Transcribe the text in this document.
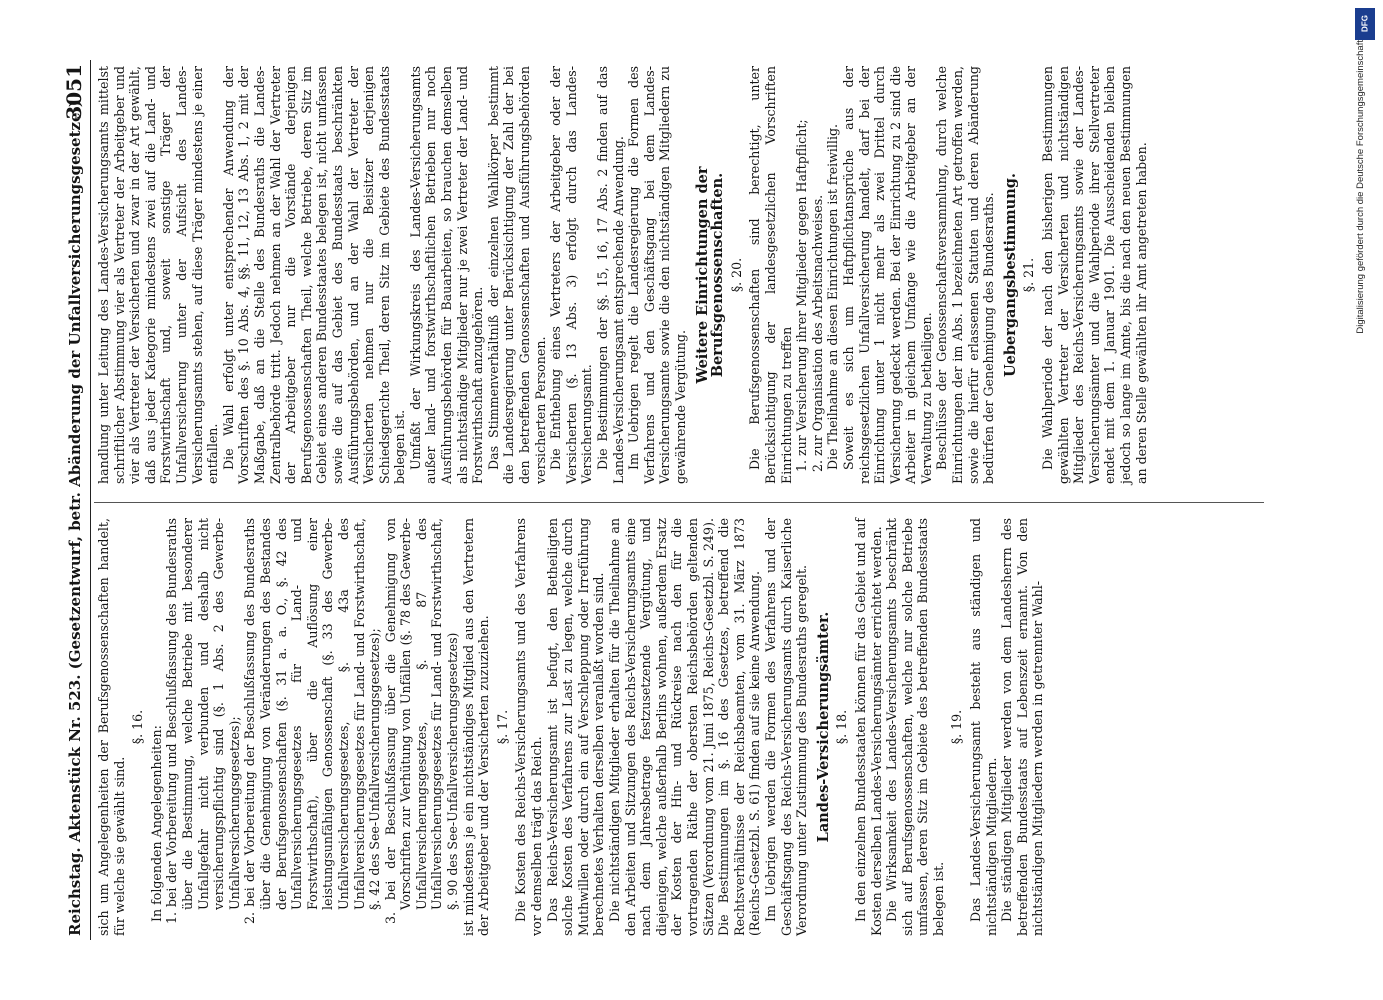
Reichstag. Aktenstück Nr. 523. (Gesetzentwurf, betr. Abänderung der Unfallversicherungsgesetze.)
3051

sich um Angelegenheiten der Berufsgenossenschaften handelt, für welche sie gewählt sind.

§. 16. In folgenden Angelegenheiten: 1. bei der Vorbereitung und Beschlußfassung des Bundesraths über die Bestimmung, welche Betriebe mit besonderer Unfallgefahr nicht verbunden und deshalb nicht versicherungspflichtig sind (§. 1 Abs. 2 des Gewerbe-Unfallversicherungsgesetzes); 2. bei der Vorbereitung der Beschlußfassung des Bundesraths über die Genehmigung von Veränderungen des Bestandes der Berufsgenossenschaften (§. 31 a. a. O., §. 42 des Unfallversicherungsgesetzes für Land- und Forstwirthschaft), über die Auflösung einer leistungsunfähigen Genossenschaft (§. 33 des Gewerbe-Unfallversicherungsgesetzes, §. 43a des Unfallversicherungsgesetzes für Land- und Forstwirthschaft, §. 42 des See-Unfallversicherungsgesetzes); 3. bei der Beschlußfassung über die Genehmigung von Vorschriften zur Verhütung von Unfällen (§. 78 des Gewerbe-Unfallversicherungsgesetzes, §. 87 des Unfallversicherungsgesetzes für Land- und Forstwirthschaft, §. 90 des See-Unfallversicherungsgesetzes) ist mindestens je ein nichtständiges Mitglied aus den Vertretern der Arbeitgeber und der Versicherten zuzuziehen. §. 17. Die Kosten des Reichs-Versicherungsamts und des Verfahrens vor demselben trägt das Reich. Das Reichs-Versicherungsamt ist befugt, den Betheiligten solche Kosten des Verfahrens zur Last zu legen, welche durch Muthwillen oder durch ein auf Verschleppung oder Irreführung berechnetes Verhalten derselben veranlaßt worden sind. Die nichtständigen Mitglieder erhalten für die Theilnahme an den Arbeiten und Sitzungen des Reichs-Versicherungsamts eine nach dem Jahresbetrage festzusetzende Vergütung, und diejenigen, welche außerhalb Berlins wohnen, außerdem Ersatz der Kosten der Hin- und Rückreise nach den für die vortragenden Räthe der obersten Reichsbehörden geltenden Sätzen (Verordnung vom 21. Juni 1875, Reichs-Gesetzbl. S. 249). Die Bestimmungen im §. 16 des Gesetzes, betreffend die Rechtsverhältnisse der Reichsbeamten, vom 31. März 1873 (Reichs-Gesetzbl. S. 61) finden auf sie keine Anwendung. Im Uebrigen werden die Formen des Verfahrens und der Geschäftsgang des Reichs-Versicherungsamts durch Kaiserliche Verordnung unter Zustimmung des Bundesraths geregelt. Landes-Versicherungsämter. §. 18. In den einzelnen Bundesstaaten können für das Gebiet und auf Kosten derselben Landes-Versicherungsämter errichtet werden. Die Wirksamkeit des Landes-Versicherungsamts beschränkt sich auf Berufsgenossenschaften, welche nur solche Betriebe umfassen, deren Sitz im Gebiete des betreffenden Bundesstaats belegen ist.

§. 19. Das Landes-Versicherungsamt besteht aus ständigen und nichtständigen Mitgliedern. Die ständigen Mitglieder werden von dem Landesherrn des betreffenden Bundesstaats auf Lebenszeit ernannt. Von den nichtständigen Mitgliedern werden in getrennter Wahl-

handlung unter Leitung des Landes-Versicherungsamts mittelst schriftlicher Abstimmung vier als Vertreter der Arbeitgeber und vier als Vertreter der Versicherten und zwar in der Art gewählt, daß aus jeder Kategorie mindestens zwei auf die Land- und Forstwirthschaft und, soweit sonstige Träger der Unfallversicherung unter der Aufsicht des Landes-Versicherungsamts stehen, auf diese Träger mindestens je einer entfallen. Die Wahl erfolgt unter entsprechender Anwendung der Vorschriften des §. 10 Abs. 4, §§. 11, 12, 13 Abs. 1, 2 mit der Maßgabe, daß an die Stelle des Bundesraths die Landes-Zentralbehörde tritt. Jedoch nehmen an der Wahl der Vertreter der Arbeitgeber nur die Vorstände derjenigen Berufsgenossenschaften Theil, welche Betriebe, deren Sitz im Gebiet eines anderen Bundesstaates belegen ist, nicht umfassen sowie die auf das Gebiet des Bundesstaats beschränkten Ausführungsbehörden, und an der Wahl der Vertreter der Versicherten nehmen nur die Beisitzer derjenigen Schiedsgerichte Theil, deren Sitz im Gebiete des Bundesstaats belegen ist. Umfaßt der Wirkungskreis des Landes-Versicherungsamts außer land- und forstwirthschaftlichen Betrieben nur noch Ausführungsbehörden für Bauarbeiten, so brauchen demselben als nichtständige Mitglieder nur je zwei Vertreter der Land- und Forstwirthschaft anzugehören. Das Stimmenverhältniß der einzelnen Wahlkörper bestimmt die Landesregierung unter Berücksichtigung der Zahl der bei den betreffenden Genossenschaften und Ausführungsbehörden versicherten Personen. Die Enthebung eines Vertreters der Arbeitgeber oder der Versicherten (§. 13 Abs. 3) erfolgt durch das Landes-Versicherungsamt. Die Bestimmungen der §§. 15, 16, 17 Abs. 2 finden auf das Landes-Versicherungsamt entsprechende Anwendung. Im Uebrigen regelt die Landesregierung die Formen des Verfahrens und den Geschäftsgang bei dem Landes-Versicherungsamte sowie die den nichtständigen Mitgliedern zu gewährende Vergütung.

Weitere Einrichtungen der Berufsgenossenschaften. §. 20. Die Berufsgenossenschaften sind berechtigt, unter Berücksichtigung der landesgesetzlichen Vorschriften Einrichtungen zu treffen 1. zur Versicherung ihrer Mitglieder gegen Haftpflicht; 2. zur Organisation des Arbeitsnachweises. Die Theilnahme an diesen Einrichtungen ist freiwillig. Soweit es sich um Haftpflichtansprüche aus der reichsgesetzlichen Unfallversicherung handelt, darf bei der Einrichtung unter 1 nicht mehr als zwei Drittel durch Versicherung gedeckt werden. Bei der Einrichtung zu 2 sind die Arbeiter in gleichem Umfange wie die Arbeitgeber an der Verwaltung zu betheiligen. Beschlüsse der Genossenschaftsversammlung, durch welche Einrichtungen der im Abs. 1 bezeichneten Art getroffen werden, sowie die hierfür erlassenen Statuten und deren Abänderung bedürfen der Genehmigung des Bundesraths. Uebergangsbestimmung. §. 21. Die Wahlperiode der nach den bisherigen Bestimmungen gewählten Vertreter der Versicherten und nichtständigen Mitglieder des Reichs-Versicherungsamts sowie der Landes-Versicherungsämter und die Wahlperiode ihrer Stellvertreter endet mit dem 1. Januar 1901. Die Ausscheidenden bleiben jedoch so lange im Amte, bis die nach den neuen Bestimmungen an deren Stelle gewählten ihr Amt angetreten haben.

DFG
Digitalisierung gefördert durch die Deutsche Forschungsgemeinschaft
